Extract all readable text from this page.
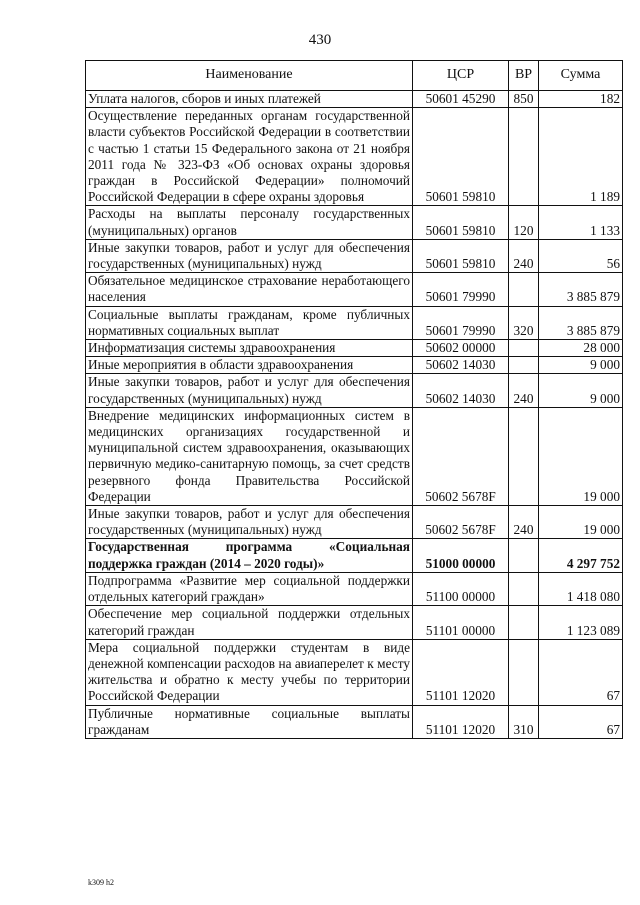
430
Наименование	ЦСР	ВР	Сумма
Уплата налогов, сборов и иных платежей	50601 45290	850	182
Осуществление переданных органам государственной власти субъектов Российской Федерации в соответствии с частью 1 статьи 15 Федерального закона от 21 ноября 2011 года № 323-ФЗ «Об основах охраны здоровья граждан в Российской Федерации» полномочий Российской Федерации в сфере охраны здоровья	50601 59810		1 189
Расходы на выплаты персоналу государственных (муниципальных) органов	50601 59810	120	1 133
Иные закупки товаров, работ и услуг для обеспечения государственных (муниципальных) нужд	50601 59810	240	56
Обязательное медицинское страхование неработающего населения	50601 79990		3 885 879
Социальные выплаты гражданам, кроме публичных нормативных социальных выплат	50601 79990	320	3 885 879
Информатизация системы здравоохранения	50602 00000		28 000
Иные мероприятия в области здравоохранения	50602 14030		9 000
Иные закупки товаров, работ и услуг для обеспечения государственных (муниципальных) нужд	50602 14030	240	9 000
Внедрение медицинских информационных систем в медицинских организациях государственной и муниципальной систем здравоохранения, оказывающих первичную медико-санитарную помощь, за счет средств резервного фонда Правительства Российской Федерации	50602 5678F		19 000
Иные закупки товаров, работ и услуг для обеспечения государственных (муниципальных) нужд	50602 5678F	240	19 000
Государственная программа «Социальная поддержка граждан (2014 – 2020 годы)»	51000 00000		4 297 752
Подпрограмма «Развитие мер социальной поддержки отдельных категорий граждан»	51100 00000		1 418 080
Обеспечение мер социальной поддержки отдельных категорий граждан	51101 00000		1 123 089
Мера социальной поддержки студентам в виде денежной компенсации расходов на авиаперелет к месту жительства и обратно к месту учебы по территории Российской Федерации	51101 12020		67
Публичные нормативные социальные выплаты гражданам	51101 12020	310	67
k309 h2
